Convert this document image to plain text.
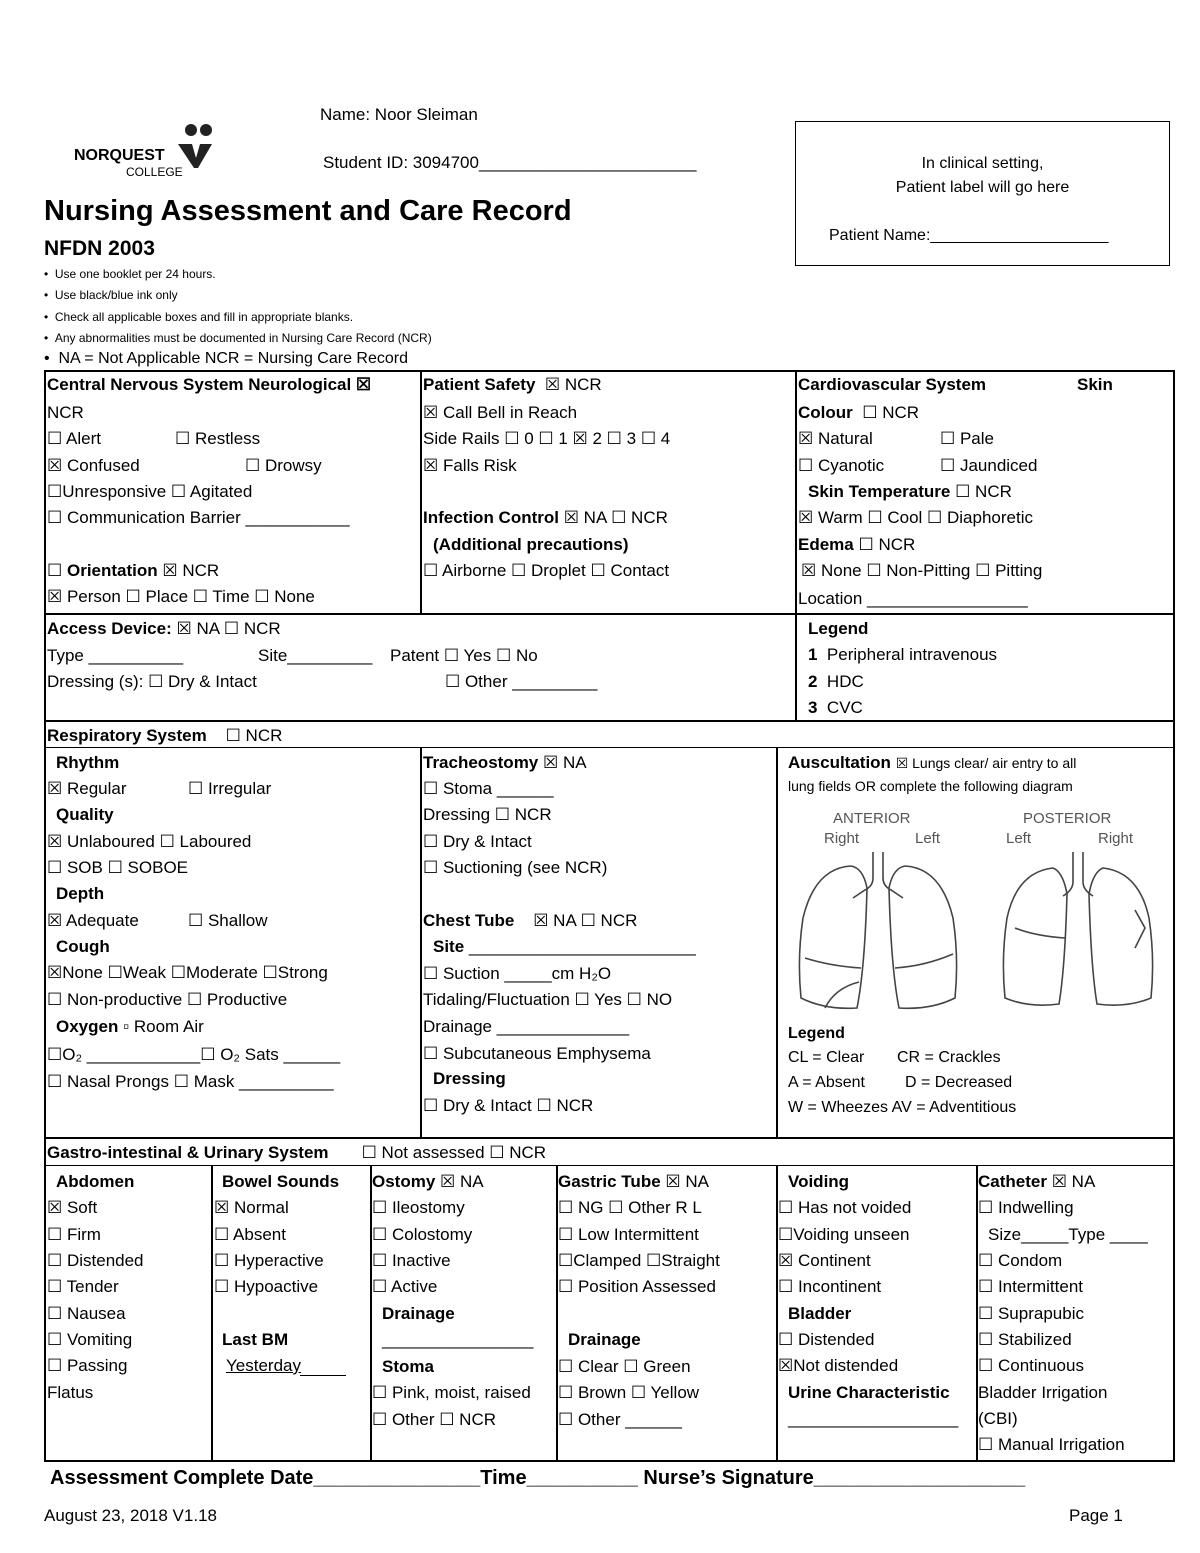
NORQUEST
COLLEGE
Name: Noor Sleiman
Student ID: 3094700_______________________
Nursing Assessment and Care Record
NFDN 2003
•  Use one booklet per 24 hours.
•  Use black/blue ink only
•  Check all applicable boxes and fill in appropriate blanks.
•  Any abnormalities must be documented in Nursing Care Record (NCR)
•  NA = Not Applicable NCR = Nursing Care Record
In clinical setting,
Patient label will go here
Patient Name:____________________
Central Nervous System Neurological ☒
NCR
☐ Alert	☐ Restless
☒ Confused	☐ Drowsy
☐Unresponsive ☐ Agitated
☐ Communication Barrier ___________
☐ Orientation ☒ NCR
☒ Person ☐ Place ☐ Time ☐ None
Patient Safety ☒ NCR
☒ Call Bell in Reach
Side Rails ☐ 0 ☐ 1 ☒ 2 ☐ 3 ☐ 4
☒ Falls Risk
Infection Control ☒ NA ☐ NCR
(Additional precautions)
☐ Airborne ☐ Droplet ☐ Contact
Cardiovascular System	Skin
Colour ☐ NCR
☒ Natural	☐ Pale
☐ Cyanotic	☐ Jaundiced
Skin Temperature ☐ NCR
☒ Warm ☐ Cool ☐ Diaphoretic
Edema ☐ NCR
☒ None ☐ Non-Pitting ☐ Pitting
Location _________________
Access Device: ☒ NA ☐ NCR
Type __________	Site_________ Patent ☐ Yes ☐ No
Dressing (s): ☐ Dry & Intact	☐ Other _________
Legend
1 Peripheral intravenous
2 HDC
3 CVC
Respiratory System ☐ NCR
Rhythm
☒ Regular	☐ Irregular
Quality
☒ Unlaboured ☐ Laboured
☐ SOB ☐ SOBOE
Depth
☒ Adequate	☐ Shallow
Cough
☒None ☐Weak ☐Moderate ☐Strong
☐ Non-productive ☐ Productive
Oxygen ▫ Room Air
☐O₂ ____________☐ O₂ Sats ______
☐ Nasal Prongs ☐ Mask __________
Tracheostomy ☒ NA
☐ Stoma ______
Dressing ☐ NCR
☐ Dry & Intact
☐ Suctioning (see NCR)
Chest Tube ☒ NA ☐ NCR
Site ________________________
☐ Suction _____cm H₂O
Tidaling/Fluctuation ☐ Yes ☐ NO
Drainage ______________
☐ Subcutaneous Emphysema
Dressing
☐ Dry & Intact ☐ NCR
Auscultation ☒ Lungs clear/ air entry to all
lung fields OR complete the following diagram
ANTERIOR	POSTERIOR
Right	Left	Left	Right
Legend
CL = Clear CR = Crackles
A = Absent	D = Decreased
W = Wheezes AV = Adventitious
Gastro-intestinal & Urinary System ☐ Not assessed ☐ NCR
Abdomen
☒ Soft
☐ Firm
☐ Distended
☐ Tender
☐ Nausea
☐ Vomiting
☐ Passing
Flatus
Bowel Sounds
☒ Normal
☐ Absent
☐ Hyperactive
☐ Hypoactive
Last BM
Yesterday
Ostomy ☒ NA
☐ Ileostomy
☐ Colostomy
☐ Inactive
☐ Active
Drainage
________________
Stoma
☐ Pink, moist, raised
☐ Other ☐ NCR
Gastric Tube ☒ NA
☐ NG ☐ Other R L
☐ Low Intermittent
☐Clamped ☐Straight
☐ Position Assessed
Drainage
☐ Clear ☐ Green
☐ Brown ☐ Yellow
☐ Other ______
Voiding
☐ Has not voided
☐Voiding unseen
☒ Continent
☐ Incontinent
Bladder
☐ Distended
☒Not distended
Urine Characteristic
__________________
Catheter ☒ NA
☐ Indwelling
Size_____Type ____
☐ Condom
☐ Intermittent
☐ Suprapubic
☐ Stabilized
☐ Continuous
Bladder Irrigation
(CBI)
☐ Manual Irrigation
Assessment Complete Date_______________Time__________ Nurse’s Signature___________________
August 23, 2018 V1.18	Page 1
